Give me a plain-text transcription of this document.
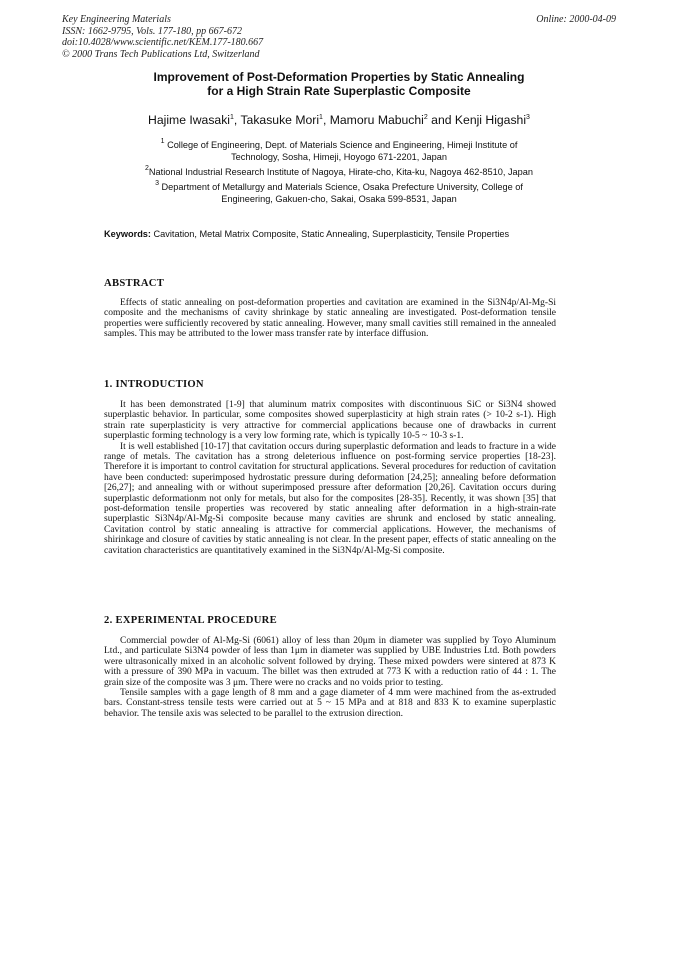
Key Engineering Materials
ISSN: 1662-9795, Vols. 177-180, pp 667-672
doi:10.4028/www.scientific.net/KEM.177-180.667
© 2000 Trans Tech Publications Ltd, Switzerland
Online: 2000-04-09
Improvement of Post-Deformation Properties by Static Annealing
for a High Strain Rate Superplastic Composite
Hajime Iwasaki$^1$, Takasuke Mori$^1$, Mamoru Mabuchi$^2$ and Kenji Higashi$^3$
$^1$ College of Engineering, Dept. of Materials Science and Engineering, Himeji Institute of
Technology, Sosha, Himeji, Hoyogo 671-2201, Japan
$^2$National Industrial Research Institute of Nagoya, Hirate-cho, Kita-ku, Nagoya 462-8510, Japan
$^3$ Department of Metallurgy and Materials Science, Osaka Prefecture University, College of
Engineering, Gakuen-cho, Sakai, Osaka 599-8531, Japan
Keywords: Cavitation, Metal Matrix Composite, Static Annealing, Superplasticity, Tensile Properties
ABSTRACT

Effects of static annealing on post-deformation properties and cavitation are examined in the Si3N4p/Al-Mg-Si composite and the mechanisms of cavity shrinkage by static annealing are investigated. Post-deformation tensile properties were sufficiently recovered by static annealing. However, many small cavities still remained in the annealed samples. This may be attributed to the lower mass transfer rate by interface diffusion.

1. INTRODUCTION

It has been demonstrated [1-9] that aluminum matrix composites with discontinuous SiC or Si3N4 showed superplastic behavior. In particular, some composites showed superplasticity at high strain rates (> 10-2 s-1). High strain rate superplasticity is very attractive for commercial applications because one of drawbacks in current superplastic forming technology is a very low forming rate, which is typically 10-5 ~ 10-3 s-1.

It is well established [10-17] that cavitation occurs during superplastic deformation and leads to fracture in a wide range of metals. The cavitation has a strong deleterious influence on post-forming service properties [18-23]. Therefore it is important to control cavitation for structural applications. Several procedures for reduction of cavitation have been conducted: superimposed hydrostatic pressure during deformation [24,25]; annealing before deformation [26,27]; and annealing with or without superimposed pressure after deformation [20,26]. Cavitation occurs during superplastic deformationm not only for metals, but also for the composites [28-35]. Recently, it was shown [35] that post-deformation tensile properties was recovered by static annealing after deformation in a high-strain-rate superplastic Si3N4p/Al-Mg-Si composite because many cavities are shrunk and enclosed by static annealing. Cavitation control by static annealing is attractive for commercial applications. However, the mechanisms of shirinkage and closure of cavities by static annealing is not clear. In the present paper, effects of static annealing on the cavitation characteristics are quantitatively examined in the Si3N4p/Al-Mg-Si composite.

2. EXPERIMENTAL PROCEDURE

Commercial powder of Al-Mg-Si (6061) alloy of less than 20μm in diameter was supplied by Toyo Aluminum Ltd., and particulate Si3N4 powder of less than 1μm in diameter was supplied by UBE Industries Ltd. Both powders were ultrasonically mixed in an alcoholic solvent followed by drying. These mixed powders were sintered at 873 K with a pressure of 390 MPa in vacuum. The billet was then extruded at 773 K with a reduction ratio of 44 : 1. The grain size of the composite was 3 μm. There were no cracks and no voids prior to testing.

Tensile samples with a gage length of 8 mm and a gage diameter of 4 mm were machined from the as-extruded bars. Constant-stress tensile tests were carried out at 5 ~ 15 MPa and at 818 and 833 K to examine superplastic behavior. The tensile axis was selected to be parallel to the extrusion direction.
